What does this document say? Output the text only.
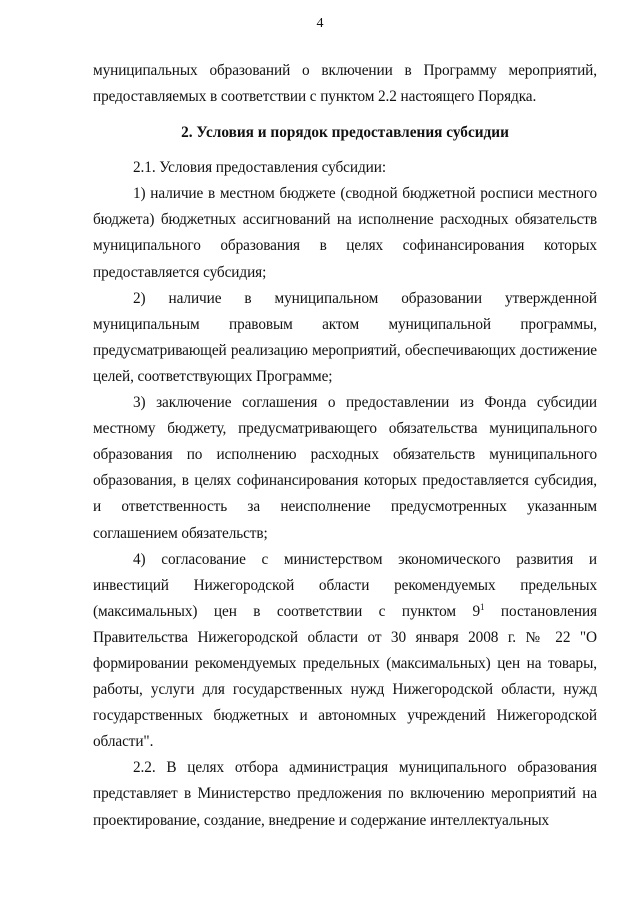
4

муниципальных образований о включении в Программу мероприятий, предоставляемых в соответствии с пунктом 2.2 настоящего Порядка.

2. Условия и порядок предоставления субсидии

2.1. Условия предоставления субсидии:

1) наличие в местном бюджете (сводной бюджетной росписи местного бюджета) бюджетных ассигнований на исполнение расходных обязательств муниципального образования в целях софинансирования которых предоставляется субсидия;

2) наличие в муниципальном образовании утвержденной муниципальным правовым актом муниципальной программы, предусматривающей реализацию мероприятий, обеспечивающих достижение целей, соответствующих Программе;

3) заключение соглашения о предоставлении из Фонда субсидии местному бюджету, предусматривающего обязательства муниципального образования по исполнению расходных обязательств муниципального образования, в целях софинансирования которых предоставляется субсидия, и ответственность за неисполнение предусмотренных указанным соглашением обязательств;

4) согласование с министерством экономического развития и инвестиций Нижегородской области рекомендуемых предельных (максимальных) цен в соответствии с пунктом $9^1$ постановления Правительства Нижегородской области от 30 января 2008 г. № 22 "О формировании рекомендуемых предельных (максимальных) цен на товары, работы, услуги для государственных нужд Нижегородской области, нужд государственных бюджетных и автономных учреждений Нижегородской области".

2.2. В целях отбора администрация муниципального образования представляет в Министерство предложения по включению мероприятий на проектирование, создание, внедрение и содержание интеллектуальных
